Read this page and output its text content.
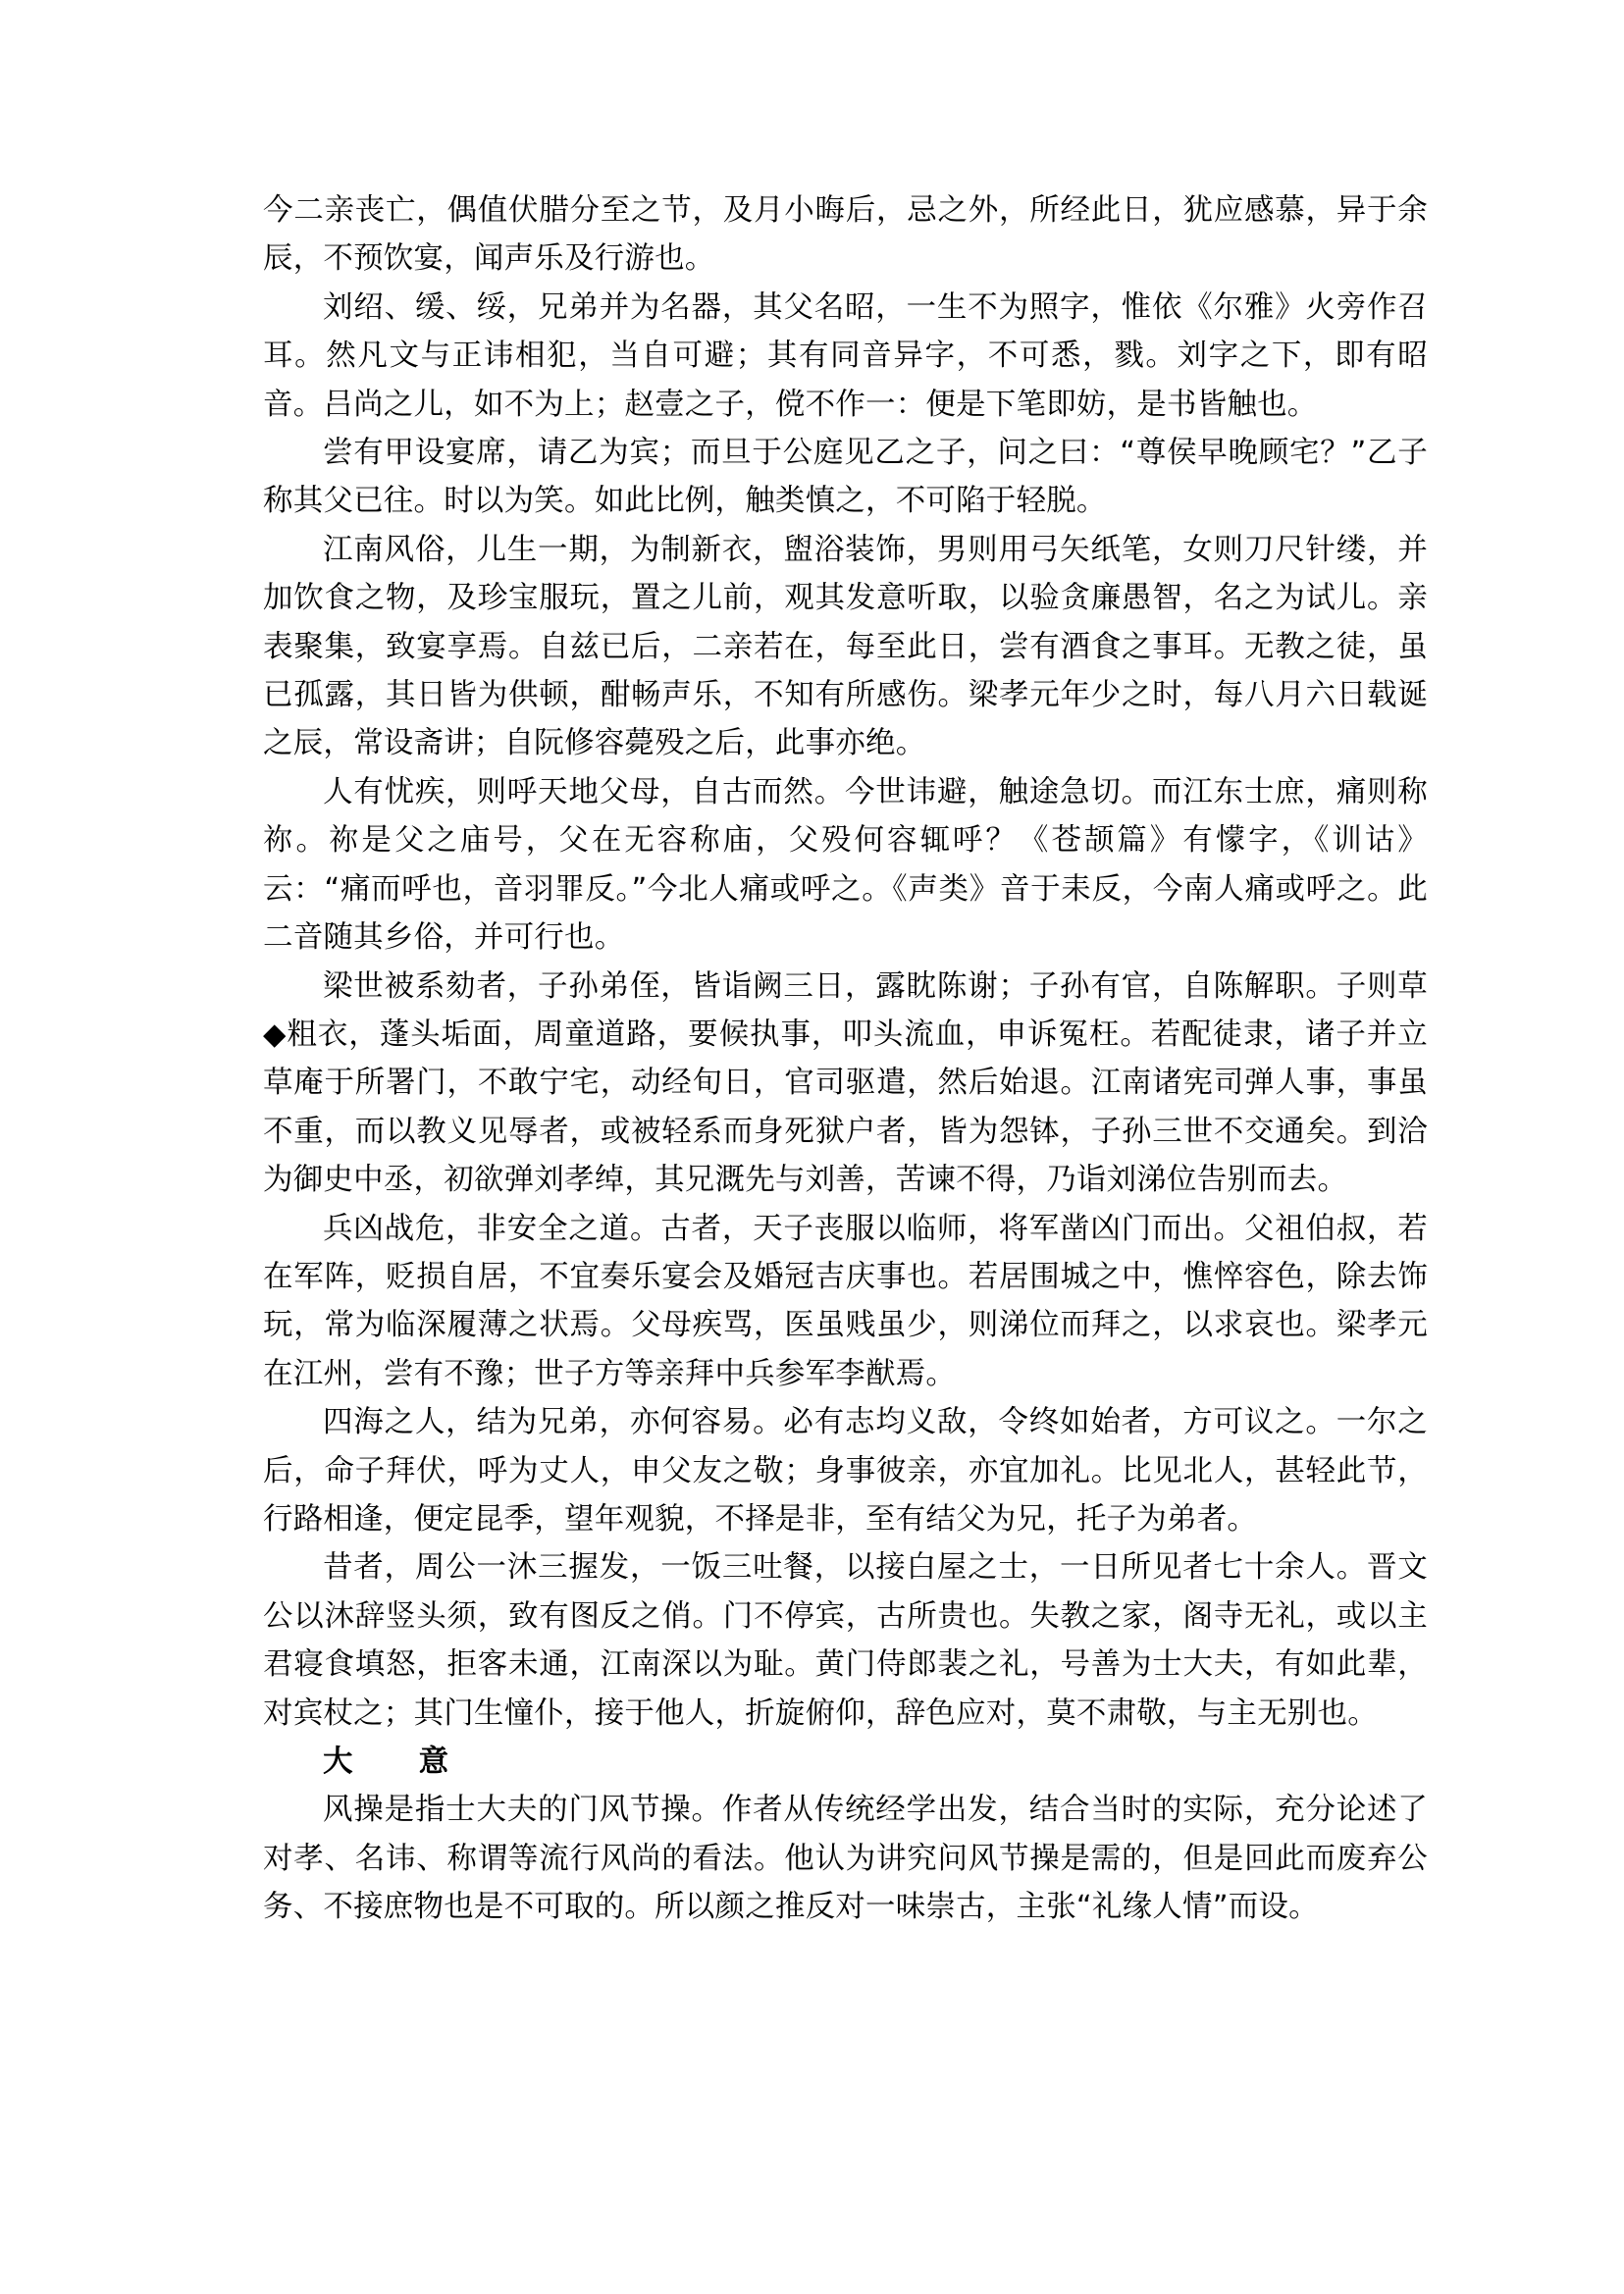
今二亲丧亡，偶值伏腊分至之节，及月小晦后，忌之外，所经此日，犹应感慕，异于余辰，不预饮宴，闻声乐及行游也。

刘绍、缓、绥，兄弟并为名器，其父名昭，一生不为照字，惟依《尔雅》火旁作召耳。然凡文与正讳相犯，当自可避；其有同音异字，不可悉，戮。刘字之下，即有昭音。吕尚之儿，如不为上；赵壹之子，傥不作一：便是下笔即妨，是书皆触也。

尝有甲设宴席，请乙为宾；而旦于公庭见乙之子，问之曰：“尊侯早晚顾宅？”乙子称其父已往。时以为笑。如此比例，触类慎之，不可陷于轻脱。

江南风俗，儿生一期，为制新衣，盥浴装饰，男则用弓矢纸笔，女则刀尺针缕，并加饮食之物，及珍宝服玩，置之儿前，观其发意听取，以验贪廉愚智，名之为试儿。亲表聚集，致宴享焉。自兹已后，二亲若在，每至此日，尝有酒食之事耳。无教之徒，虽已孤露，其日皆为供顿，酣畅声乐，不知有所感伤。梁孝元年少之时，每八月六日载诞之辰，常设斋讲；自阮修容薨殁之后，此事亦绝。

人有忧疾，则呼天地父母，自古而然。今世讳避，触途急切。而江东士庶，痛则称祢。祢是父之庙号，父在无容称庙，父殁何容辄呼？《苍颉篇》有懞字，《训诂》云：“痛而呼也，音羽罪反。”今北人痛或呼之。《声类》音于耒反，今南人痛或呼之。此二音随其乡俗，并可行也。

梁世被系劾者，子孙弟侄，皆诣阙三日，露眈陈谢；子孙有官，自陈解职。子则草◆粗衣，蓬头垢面，周童道路，要候执事，叩头流血，申诉冤枉。若配徒隶，诸子并立草庵于所署门，不敢宁宅，动经旬日，官司驱遣，然后始退。江南诸宪司弹人事，事虽不重，而以教义见辱者，或被轻系而身死狱户者，皆为怨钵，子孙三世不交通矣。到洽为御史中丞，初欲弹刘孝绰，其兄溉先与刘善，苦谏不得，乃诣刘涕位告别而去。

兵凶战危，非安全之道。古者，天子丧服以临师，将军凿凶门而出。父祖伯叔，若在军阵，贬损自居，不宜奏乐宴会及婚冠吉庆事也。若居围城之中，憔悴容色，除去饰玩，常为临深履薄之状焉。父母疾骂，医虽贱虽少，则涕位而拜之，以求哀也。梁孝元在江州，尝有不豫；世子方等亲拜中兵参军李猷焉。

四海之人，结为兄弟，亦何容易。必有志均义敌，令终如始者，方可议之。一尔之后，命子拜伏，呼为丈人，申父友之敬；身事彼亲，亦宜加礼。比见北人，甚轻此节，行路相逢，便定昆季，望年观貌，不择是非，至有结父为兄，托子为弟者。

昔者，周公一沐三握发，一饭三吐餐，以接白屋之士，一日所见者七十余人。晋文公以沐辞竖头须，致有图反之俏。门不停宾，古所贵也。失教之家，阁寺无礼，或以主君寝食填怒，拒客未通，江南深以为耻。黄门侍郎裴之礼，号善为士大夫，有如此辈，对宾杖之；其门生憧仆，接于他人，折旋俯仰，辞色应对，莫不肃敬，与主无别也。

大　意

风操是指士大夫的门风节操。作者从传统经学出发，结合当时的实际，充分论述了对孝、名讳、称谓等流行风尚的看法。他认为讲究问风节操是需的，但是回此而废弃公务、不接庶物也是不可取的。所以颜之推反对一味崇古，主张“礼缘人情”而设。
